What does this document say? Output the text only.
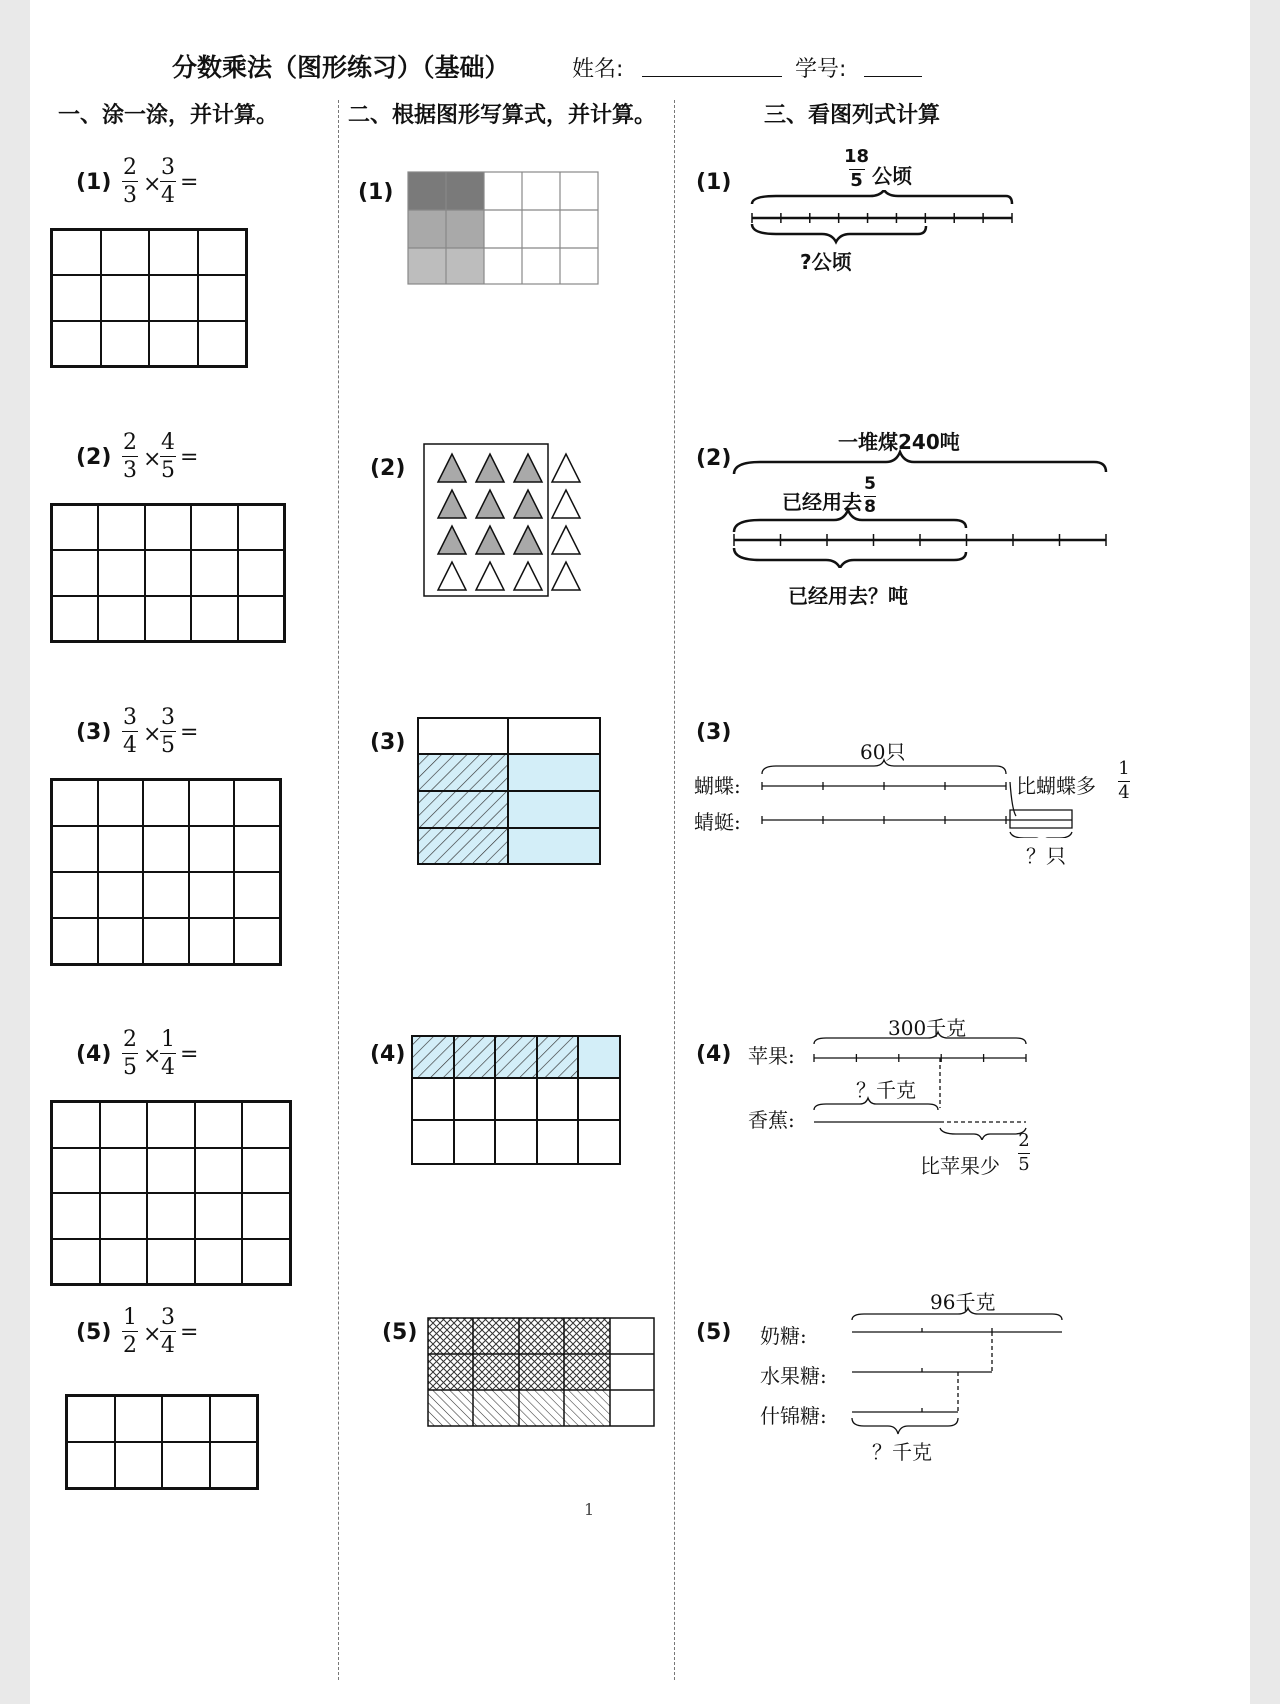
分数乘法（图形练习）（基础）	姓名:	学号:
一、涂一涂，并计算。	二、根据图形写算式，并计算。	三、看图列式计算
(1)
2
3 ×
3
4
=
(2)
2
3 ×
4
5
=
(3)
3
4 ×
3
5
=
(4)
2
5 ×
1
4
=
(5)
1
2 ×
3
4
=
(1)
(2)
(3)
(4)
(5)
(1)
18
5 公顷
?公顷
(2)
一堆煤240吨
已经用去
5
8
已经用去？吨
(3)
60只
蝴蝶:
蜻蜓:
比蝴蝶多
1
4
？只
(4)
300千克
苹果:
？千克
香蕉:
比苹果少
2
5
(5)
96千克
奶糖:
水果糖:
什锦糖:
？千克
1
